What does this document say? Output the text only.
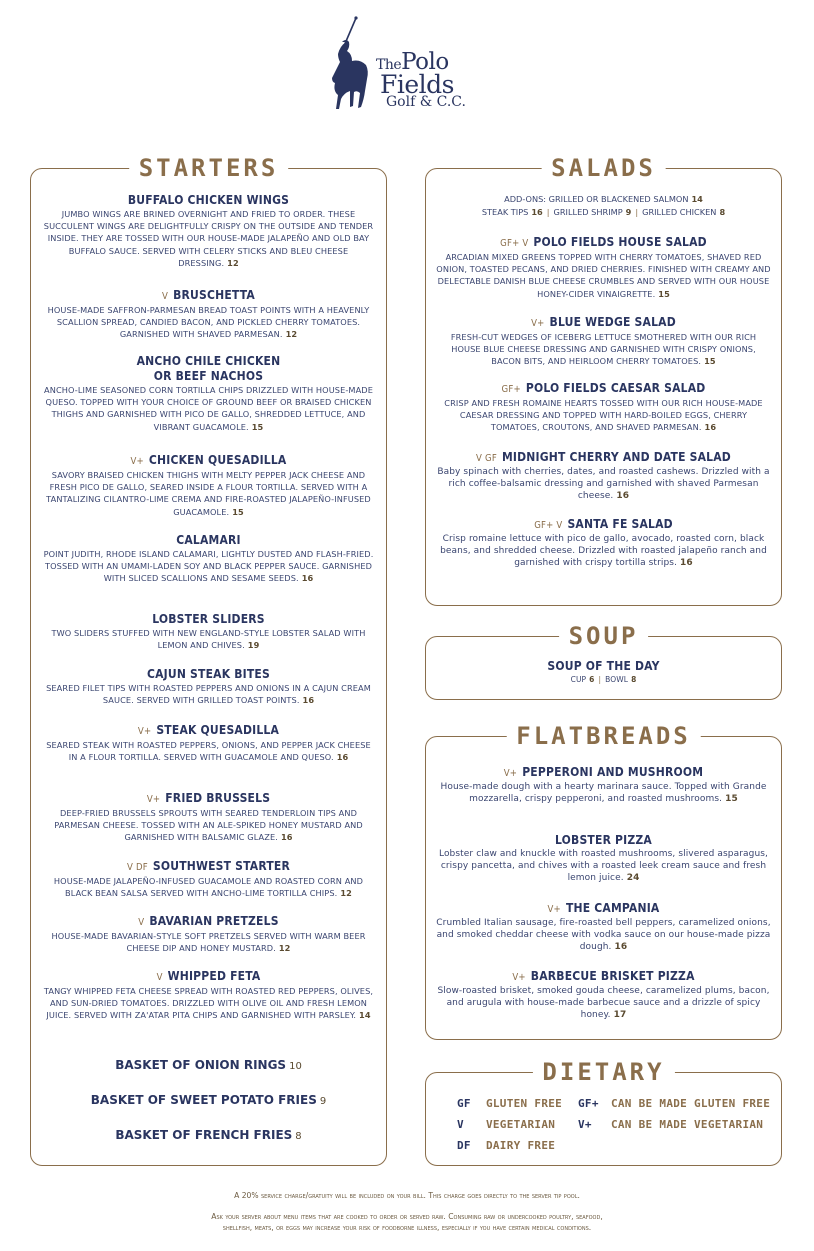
ThePolo
Fields
Golf & C.C.
STARTERS
BUFFALO CHICKEN WINGS
JUMBO WINGS ARE BRINED OVERNIGHT AND FRIED TO ORDER. THESE SUCCULENT WINGS ARE DELIGHTFULLY CRISPY ON THE OUTSIDE AND TENDER INSIDE. THEY ARE TOSSED WITH OUR HOUSE-MADE JALAPEÑO AND OLD BAY BUFFALO SAUCE. SERVED WITH CELERY STICKS AND BLEU CHEESE DRESSING. 12
V BRUSCHETTA
HOUSE-MADE SAFFRON-PARMESAN BREAD TOAST POINTS WITH A HEAVENLY SCALLION SPREAD, CANDIED BACON, AND PICKLED CHERRY TOMATOES. GARNISHED WITH SHAVED PARMESAN. 12
ANCHO CHILE CHICKEN OR BEEF NACHOS
ANCHO-LIME SEASONED CORN TORTILLA CHIPS DRIZZLED WITH HOUSE-MADE QUESO. TOPPED WITH YOUR CHOICE OF GROUND BEEF OR BRAISED CHICKEN THIGHS AND GARNISHED WITH PICO DE GALLO, SHREDDED LETTUCE, AND VIBRANT GUACAMOLE. 15
V+ CHICKEN QUESADILLA
SAVORY BRAISED CHICKEN THIGHS WITH MELTY PEPPER JACK CHEESE AND FRESH PICO DE GALLO, SEARED INSIDE A FLOUR TORTILLA. SERVED WITH A TANTALIZING CILANTRO-LIME CREMA AND FIRE-ROASTED JALAPEÑO-INFUSED GUACAMOLE. 15
CALAMARI
POINT JUDITH, RHODE ISLAND CALAMARI, LIGHTLY DUSTED AND FLASH-FRIED. TOSSED WITH AN UMAMI-LADEN SOY AND BLACK PEPPER SAUCE. GARNISHED WITH SLICED SCALLIONS AND SESAME SEEDS. 16
LOBSTER SLIDERS
TWO SLIDERS STUFFED WITH NEW ENGLAND-STYLE LOBSTER SALAD WITH LEMON AND CHIVES. 19
CAJUN STEAK BITES
SEARED FILET TIPS WITH ROASTED PEPPERS AND ONIONS IN A CAJUN CREAM SAUCE. SERVED WITH GRILLED TOAST POINTS. 16
V+ STEAK QUESADILLA
SEARED STEAK WITH ROASTED PEPPERS, ONIONS, AND PEPPER JACK CHEESE IN A FLOUR TORTILLA. SERVED WITH GUACAMOLE AND QUESO. 16
V+ FRIED BRUSSELS
DEEP-FRIED BRUSSELS SPROUTS WITH SEARED TENDERLOIN TIPS AND PARMESAN CHEESE. TOSSED WITH AN ALE-SPIKED HONEY MUSTARD AND GARNISHED WITH BALSAMIC GLAZE. 16
V DF SOUTHWEST STARTER
HOUSE-MADE JALAPEÑO-INFUSED GUACAMOLE AND ROASTED CORN AND BLACK BEAN SALSA SERVED WITH ANCHO-LIME TORTILLA CHIPS. 12
V BAVARIAN PRETZELS
HOUSE-MADE BAVARIAN-STYLE SOFT PRETZELS SERVED WITH WARM BEER CHEESE DIP AND HONEY MUSTARD. 12
V WHIPPED FETA
TANGY WHIPPED FETA CHEESE SPREAD WITH ROASTED RED PEPPERS, OLIVES, AND SUN-DRIED TOMATOES. DRIZZLED WITH OLIVE OIL AND FRESH LEMON JUICE. SERVED WITH ZA'ATAR PITA CHIPS AND GARNISHED WITH PARSLEY. 14
BASKET OF ONION RINGS 10
BASKET OF SWEET POTATO FRIES 9
BASKET OF FRENCH FRIES 8
SALADS
ADD-ONS: GRILLED OR BLACKENED SALMON 14
STEAK TIPS 16 | GRILLED SHRIMP 9 | GRILLED CHICKEN 8
GF+ V POLO FIELDS HOUSE SALAD
ARCADIAN MIXED GREENS TOPPED WITH CHERRY TOMATOES, SHAVED RED ONION, TOASTED PECANS, AND DRIED CHERRIES. FINISHED WITH CREAMY AND DELECTABLE DANISH BLUE CHEESE CRUMBLES AND SERVED WITH OUR HOUSE HONEY-CIDER VINAIGRETTE. 15
V+ BLUE WEDGE SALAD
FRESH-CUT WEDGES OF ICEBERG LETTUCE SMOTHERED WITH OUR RICH HOUSE BLUE CHEESE DRESSING AND GARNISHED WITH CRISPY ONIONS, BACON BITS, AND HEIRLOOM CHERRY TOMATOES. 15
GF+ POLO FIELDS CAESAR SALAD
CRISP AND FRESH ROMAINE HEARTS TOSSED WITH OUR RICH HOUSE-MADE CAESAR DRESSING AND TOPPED WITH HARD-BOILED EGGS, CHERRY TOMATOES, CROUTONS, AND SHAVED PARMESAN. 16
V GF MIDNIGHT CHERRY AND DATE SALAD
Baby spinach with cherries, dates, and roasted cashews. Drizzled with a rich coffee-balsamic dressing and garnished with shaved Parmesan cheese. 16
GF+ V SANTA FE SALAD
Crisp romaine lettuce with pico de gallo, avocado, roasted corn, black beans, and shredded cheese. Drizzled with roasted jalapeño ranch and garnished with crispy tortilla strips. 16
SOUP
SOUP OF THE DAY
CUP 6 | BOWL 8
FLATBREADS
V+ PEPPERONI AND MUSHROOM
House-made dough with a hearty marinara sauce. Topped with Grande mozzarella, crispy pepperoni, and roasted mushrooms. 15
LOBSTER PIZZA
Lobster claw and knuckle with roasted mushrooms, slivered asparagus, crispy pancetta, and chives with a roasted leek cream sauce and fresh lemon juice. 24
V+ THE CAMPANIA
Crumbled Italian sausage, fire-roasted bell peppers, caramelized onions, and smoked cheddar cheese with vodka sauce on our house-made pizza dough. 16
V+ BARBECUE BRISKET PIZZA
Slow-roasted brisket, smoked gouda cheese, caramelized plums, bacon, and arugula with house-made barbecue sauce and a drizzle of spicy honey. 17
DIETARY
GF GLUTEN FREE
V VEGETARIAN
DF DAIRY FREE
GF+ CAN BE MADE GLUTEN FREE
V+ CAN BE MADE VEGETARIAN
A 20% service charge/gratuity will be included on your bill. This charge goes directly to the server tip pool.
Ask your server about menu items that are cooked to order or served raw. Consuming raw or undercooked poultry, seafood,
shellfish, meats, or eggs may increase your risk of foodborne illness, especially if you have certain medical conditions.
